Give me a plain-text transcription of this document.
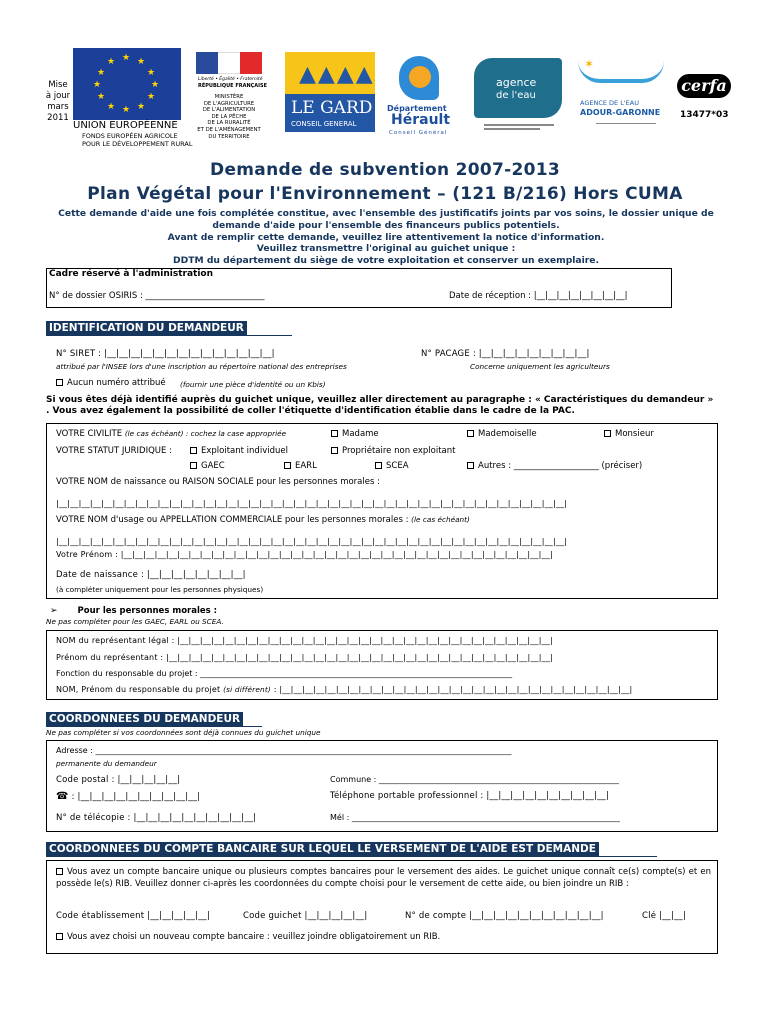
Mise
à jour
mars
2011
★ ★
★
★
★
★
★
★
★
★
★
★
UNION EUROPÉENNE
FONDS EUROPÉEN AGRICOLE
POUR LE DÉVELOPPEMENT RURAL
Liberté • Égalité • Fraternité
RÉPUBLIQUE FRANÇAISE
MINISTÈRE
DE L'AGRICULTURE
DE L'ALIMENTATION
DE LA PÊCHE
DE LA RURALITÉ
ET DE L'AMÉNAGEMENT
DU TERRITOIRE
▲▲▲▲
LE GARD
CONSEIL GENERAL
Département
Hérault
Conseil Général
agence
de l'eau
✶
AGENCE DE L'EAU
ADOUR-GARONNE
cerfa
13477*03
Demande de subvention 2007-2013
Plan Végétal pour l'Environnement – (121 B/216) Hors CUMA
Cette demande d'aide une fois complétée constitue, avec l'ensemble des justificatifs joints par vos soins, le dossier unique de
demande d'aide pour l'ensemble des financeurs publics potentiels.
Avant de remplir cette demande, veuillez lire attentivement la notice d'information.
Veuillez transmettre l'original au guichet unique :
DDTM du département du siège de votre exploitation et conserver un exemplaire.
Cadre réservé à l'administration
N° de dossier OSIRIS : ____________________________	Date de réception : |__|__|__|__|__|__|__|__|
IDENTIFICATION DU DEMANDEUR
N° SIRET : |__|__|__|__|__|__|__|__|__|__|__|__|__|__|
attribué par l'INSEE lors d'une inscription au répertoire national des entreprises
N° PACAGE : |__|__|__|__|__|__|__|__|__|
Concerne uniquement les agriculteurs
Aucun numéro attribué (fournir une pièce d'identité ou un Kbis)
Si vous êtes déjà identifié auprès du guichet unique, veuillez aller directement au paragraphe : « Caractéristiques du demandeur » . Vous avez également la possibilité de coller l'étiquette d'identification établie dans le cadre de la PAC.
VOTRE CIVILITE (le cas échéant) : cochez la case appropriée	Madame	Mademoiselle	Monsieur
VOTRE STATUT JURIDIQUE :	Exploitant individuel	Propriétaire non exploitant
GAEC	EARL	SCEA	Autres : ____________________ (préciser)
VOTRE NOM de naissance ou RAISON SOCIALE pour les personnes morales :
|__|__|__|__|__|__|__|__|__|__|__|__|__|__|__|__|__|__|__|__|__|__|__|__|__|__|__|__|__|__|__|__|__|__|__|__|__|__|__|__|__|__|__|__|__|
VOTRE NOM d'usage ou APPELLATION COMMERCIALE pour les personnes morales : (le cas échéant)
|__|__|__|__|__|__|__|__|__|__|__|__|__|__|__|__|__|__|__|__|__|__|__|__|__|__|__|__|__|__|__|__|__|__|__|__|__|__|__|__|__|__|__|__|__|
Votre Prénom : |__|__|__|__|__|__|__|__|__|__|__|__|__|__|__|__|__|__|__|__|__|__|__|__|__|__|__|__|__|__|__|__|__|__|__|__|__|__|
Date de naissance : |__|__|__|__|__|__|__|__|
(à compléter uniquement pour les personnes physiques)
➢ Pour les personnes morales :
Ne pas compléter pour les GAEC, EARL ou SCEA.
NOM du représentant légal : |__|__|__|__|__|__|__|__|__|__|__|__|__|__|__|__|__|__|__|__|__|__|__|__|__|__|__|__|__|__|__|__|__|
Prénom du représentant : |__|__|__|__|__|__|__|__|__|__|__|__|__|__|__|__|__|__|__|__|__|__|__|__|__|__|__|__|__|__|__|__|__|__|
Fonction du responsable du projet : ______________________________________________________________________________
NOM, Prénom du responsable du projet (si différent) : |__|__|__|__|__|__|__|__|__|__|__|__|__|__|__|__|__|__|__|__|__|__|__|__|__|__|__|__|__|__|__|
COORDONNEES DU DEMANDEUR
Ne pas compléter si vos coordonnées sont déjà connues du guichet unique
Adresse : ________________________________________________________________________________________________________
permanente du demandeur
Code postal : |__|__|__|__|__|	Commune : ____________________________________________________________
☎ : |__|__|__|__|__|__|__|__|__|__|	Téléphone portable professionnel : |__|__|__|__|__|__|__|__|__|__|
N° de télécopie : |__|__|__|__|__|__|__|__|__|__|	Mél : ___________________________________________________________________
COORDONNEES DU COMPTE BANCAIRE SUR LEQUEL LE VERSEMENT DE L'AIDE EST DEMANDE
Vous avez un compte bancaire unique ou plusieurs comptes bancaires pour le versement des aides. Le guichet unique connaît ce(s) compte(s) et en possède le(s) RIB. Veuillez donner ci-après les coordonnées du compte choisi pour le versement de cette aide, ou bien joindre un RIB :
Code établissement |__|__|__|__|__|	Code guichet |__|__|__|__|__|	N° de compte |__|__|__|__|__|__|__|__|__|__|__|	Clé |__|__|
Vous avez choisi un nouveau compte bancaire : veuillez joindre obligatoirement un RIB.
